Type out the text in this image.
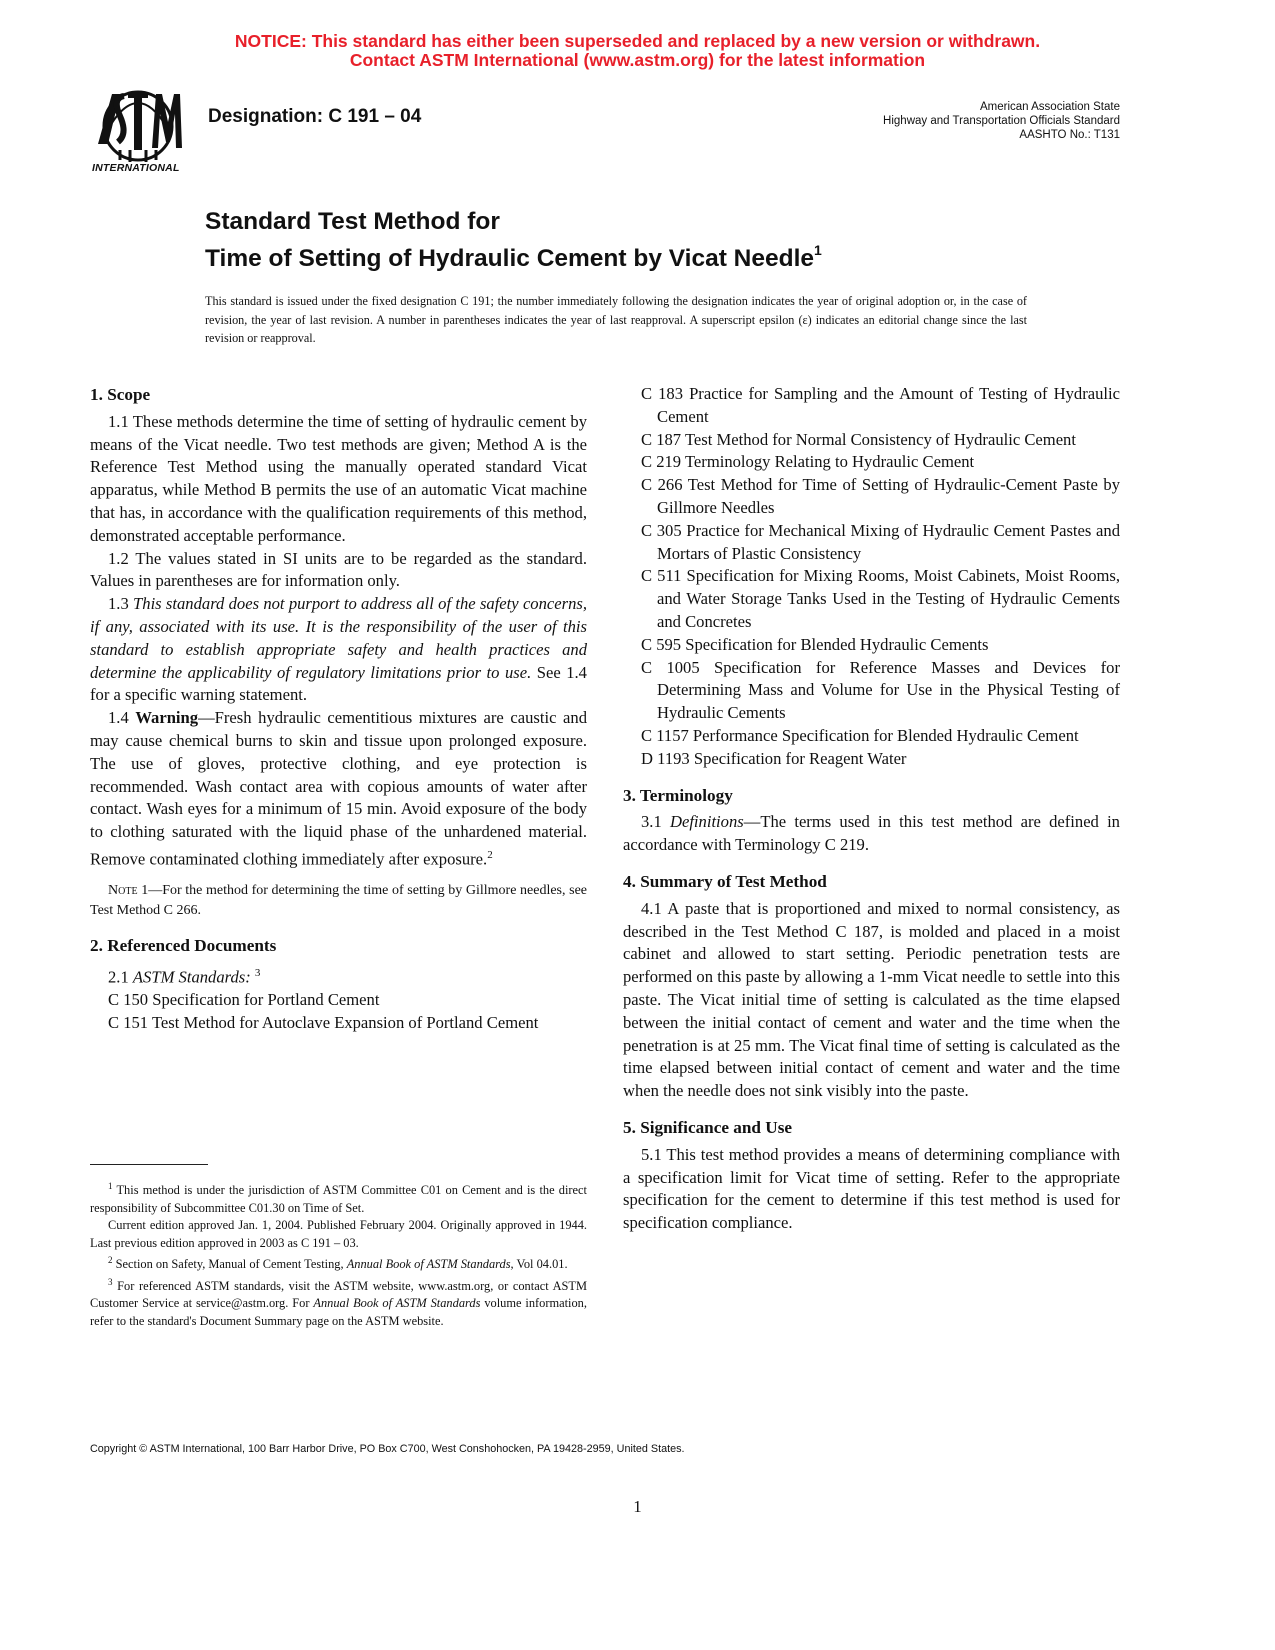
NOTICE: This standard has either been superseded and replaced by a new version or withdrawn.
Contact ASTM International (www.astm.org) for the latest information
INTERNATIONAL
Designation: C 191 – 04	American Association State
Highway and Transportation Officials Standard
AASHTO No.: T131
Standard Test Method for
Time of Setting of Hydraulic Cement by Vicat Needle$^1$
This standard is issued under the fixed designation C 191; the number immediately following the designation indicates the year of original adoption or, in the case of revision, the year of last revision. A number in parentheses indicates the year of last reapproval. A superscript epsilon (ε) indicates an editorial change since the last revision or reapproval.

1. Scope

1.1 These methods determine the time of setting of hydraulic cement by means of the Vicat needle. Two test methods are given; Method A is the Reference Test Method using the manually operated standard Vicat apparatus, while Method B permits the use of an automatic Vicat machine that has, in accordance with the qualification requirements of this method, demonstrated acceptable performance.

1.2 The values stated in SI units are to be regarded as the standard. Values in parentheses are for information only.

1.3 This standard does not purport to address all of the safety concerns, if any, associated with its use. It is the responsibility of the user of this standard to establish appropriate safety and health practices and determine the applicability of regulatory limitations prior to use. See 1.4 for a specific warning statement.

1.4 Warning—Fresh hydraulic cementitious mixtures are caustic and may cause chemical burns to skin and tissue upon prolonged exposure. The use of gloves, protective clothing, and eye protection is recommended. Wash contact area with copious amounts of water after contact. Wash eyes for a minimum of 15 min. Avoid exposure of the body to clothing saturated with the liquid phase of the unhardened material. Remove contaminated clothing immediately after exposure.$^2$

Note 1—For the method for determining the time of setting by Gillmore needles, see Test Method C 266.

2. Referenced Documents

2.1 ASTM Standards: $^3$

C 150 Specification for Portland Cement

C 151 Test Method for Autoclave Expansion of Portland Cement

C 183 Practice for Sampling and the Amount of Testing of Hydraulic Cement

C 187 Test Method for Normal Consistency of Hydraulic Cement

C 219 Terminology Relating to Hydraulic Cement

C 266 Test Method for Time of Setting of Hydraulic-Cement Paste by Gillmore Needles

C 305 Practice for Mechanical Mixing of Hydraulic Cement Pastes and Mortars of Plastic Consistency

C 511 Specification for Mixing Rooms, Moist Cabinets, Moist Rooms, and Water Storage Tanks Used in the Testing of Hydraulic Cements and Concretes

C 595 Specification for Blended Hydraulic Cements

C 1005 Specification for Reference Masses and Devices for Determining Mass and Volume for Use in the Physical Testing of Hydraulic Cements

C 1157 Performance Specification for Blended Hydraulic Cement

D 1193 Specification for Reagent Water

3. Terminology

3.1 Definitions—The terms used in this test method are defined in accordance with Terminology C 219.

4. Summary of Test Method

4.1 A paste that is proportioned and mixed to normal consistency, as described in the Test Method C 187, is molded and placed in a moist cabinet and allowed to start setting. Periodic penetration tests are performed on this paste by allowing a 1-mm Vicat needle to settle into this paste. The Vicat initial time of setting is calculated as the time elapsed between the initial contact of cement and water and the time when the penetration is at 25 mm. The Vicat final time of setting is calculated as the time elapsed between initial contact of cement and water and the time when the needle does not sink visibly into the paste.

5. Significance and Use

5.1 This test method provides a means of determining compliance with a specification limit for Vicat time of setting. Refer to the appropriate specification for the cement to determine if this test method is used for specification compliance.

$^1$ This method is under the jurisdiction of ASTM Committee C01 on Cement and is the direct responsibility of Subcommittee C01.30 on Time of Set.

Current edition approved Jan. 1, 2004. Published February 2004. Originally approved in 1944. Last previous edition approved in 2003 as C 191 – 03.

$^2$ Section on Safety, Manual of Cement Testing, Annual Book of ASTM Standards, Vol 04.01.

$^3$ For referenced ASTM standards, visit the ASTM website, www.astm.org, or contact ASTM Customer Service at service@astm.org. For Annual Book of ASTM Standards volume information, refer to the standard's Document Summary page on the ASTM website.

Copyright © ASTM International, 100 Barr Harbor Drive, PO Box C700, West Conshohocken, PA 19428-2959, United States.
1
